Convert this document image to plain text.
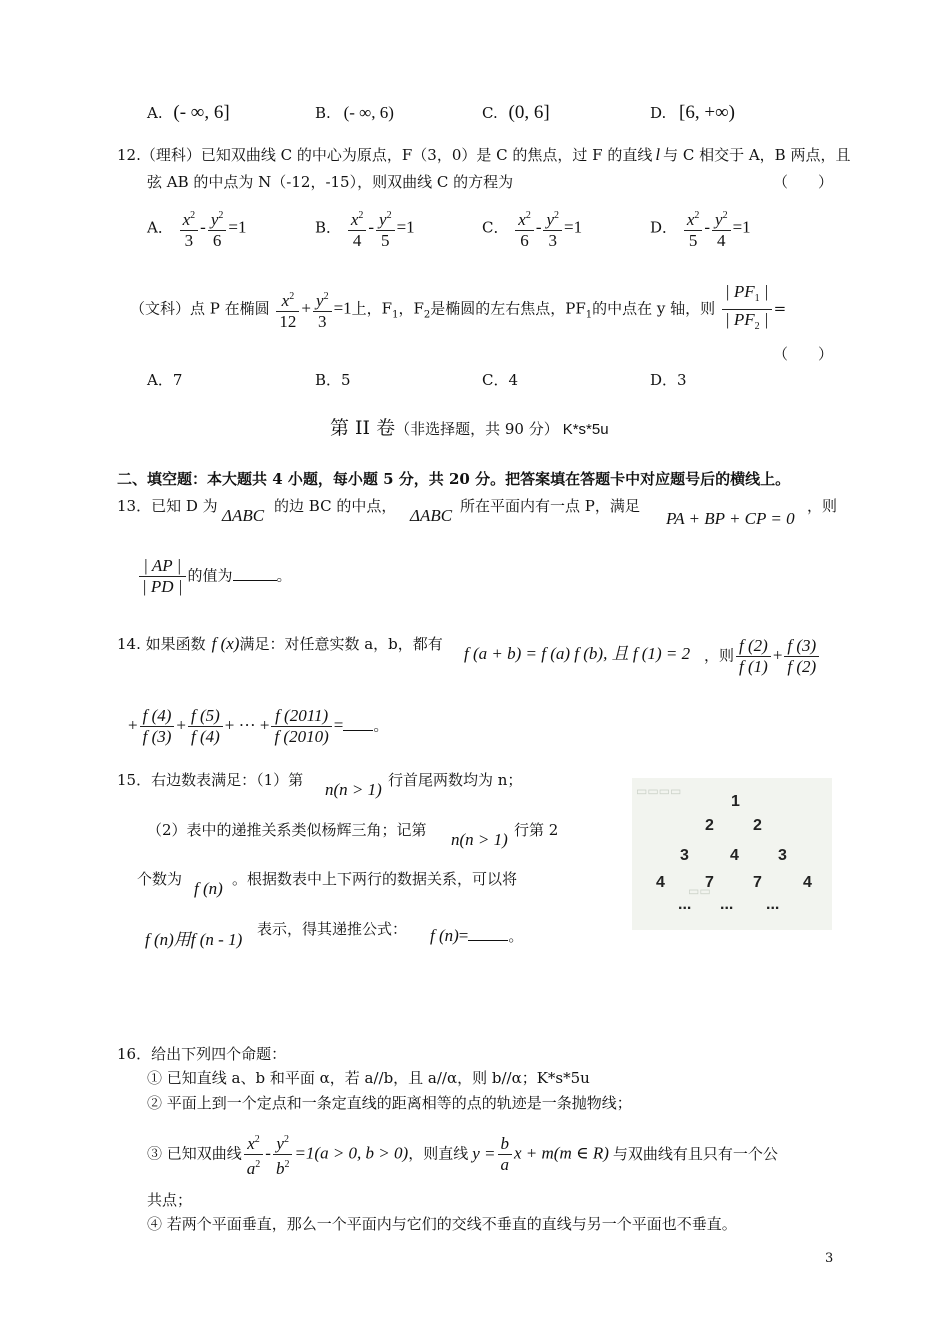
A. (- ∞, 6]	B. (- ∞, 6)	C. (0, 6]	D. [6, +∞)
12.（理科）已知双曲线 C 的中心为原点，F（3，0）是 C 的焦点，过 F 的直线 l 与 C 相交于 A，B 两点，且
弦 AB 的中点为 N（-12，-15），则双曲线 C 的方程为	（　　）
A． $\frac{x^2}{3} - \frac{y^2}{6} =1$	B． $\frac{x^2}{4} - \frac{y^2}{5} =1$	C． $\frac{x^2}{6} - \frac{y^2}{3} =1$	D． $\frac{x^2}{5} - \frac{y^2}{4} =1$
（文科）点 P 在椭圆 $\frac{x^2}{12} + \frac{y^2}{3} =1$上，$F_1$，$F_2$是椭圆的左右焦点，$PF_1$的中点在 y 轴，则 $\frac{| PF_1 |}{| PF_2 |}$ =
（　　）
A．7	B．5	C．4	D．3
第 II 卷（非选择题，共 90 分） K*s*5u
二、填空题：本大题共 4 小题，每小题 5 分，共 20 分。把答案填在答题卡中对应题号后的横线上。
13．已知 D 为 ΔABC 的边 BC 的中点， ΔABC 所在平面内有一点 P，满足
PA + BP + CP = 0
，则
$\frac{| AP |}{| PD |}$ 的值为	。
14. 如果函数 f (x)满足：对任意实数 a，b，都有 f (a + b) = f (a) f (b), 且 f (1) = 2 ，则 $\frac{f (2)}{f (1)} + \frac{f (3)}{f (2)}$
+ $\frac{f (4)}{f (3)} + \frac{f (5)}{f (4)}$ + ··· + $\frac{f (2011)}{f (2010)}$ = 。
15．右边数表满足：（1）第 n(n > 1) 行首尾两数均为 n；
（2）表中的递推关系类似杨辉三角；记第 n(n > 1) 行第 2
个数为 f (n) 。根据数表中上下两行的数据关系，可以将
f (n)用f (n - 1)
表示，得其递推公式： f (n)=	。
▭▭▭▭
▭▭
1
2 2
3	4 3
4	7 7	4
... ... ...
16．给出下列四个命题：
① 已知直线 a、b 和平面 α，若 a//b，且 a//α，则 b//α；K*s*5u
② 平面上到一个定点和一条定直线的距离相等的点的轨迹是一条抛物线；
③ 已知双曲线 $\frac{x^2}{a^2} - \frac{y^2}{b^2} =1(a > 0$, b > 0)，则直线 $y = \frac{b}{a}$ x + m(m ∈ R) 与双曲线有且只有一个公
共点；
④ 若两个平面垂直，那么一个平面内与它们的交线不垂直的直线与另一个平面也不垂直。
3
